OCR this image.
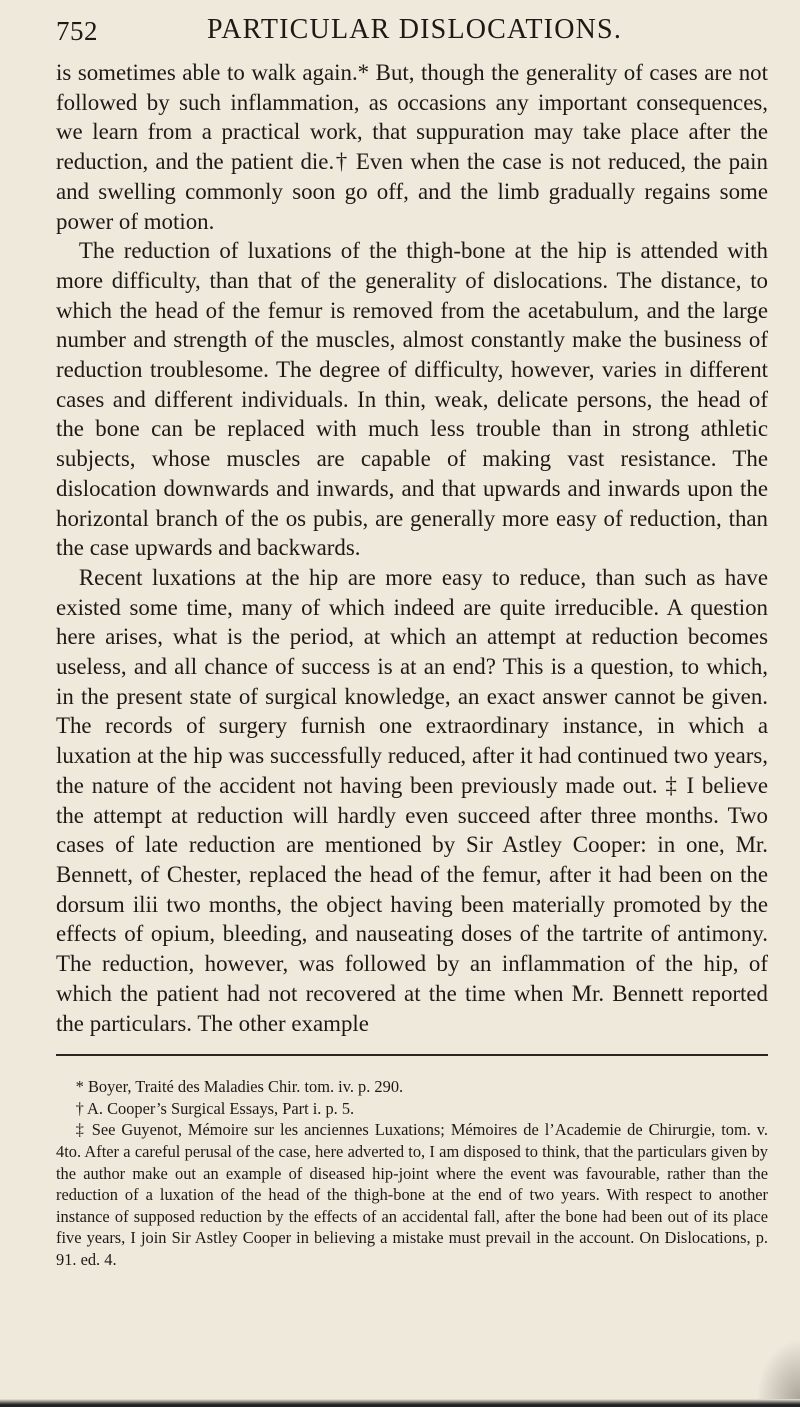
752	PARTICULAR DISLOCATIONS.

is sometimes able to walk again.* But, though the generality of cases are not followed by such inflammation, as occasions any important consequences, we learn from a practical work, that suppuration may take place after the reduction, and the patient die.† Even when the case is not reduced, the pain and swelling commonly soon go off, and the limb gradually regains some power of motion.

The reduction of luxations of the thigh-bone at the hip is attended with more difficulty, than that of the generality of dislocations. The distance, to which the head of the femur is removed from the acetabulum, and the large number and strength of the muscles, almost constantly make the business of reduction troublesome. The degree of difficulty, however, varies in different cases and different individuals. In thin, weak, delicate persons, the head of the bone can be replaced with much less trouble than in strong athletic subjects, whose muscles are capable of making vast resistance. The dislocation downwards and inwards, and that upwards and inwards upon the horizontal branch of the os pubis, are generally more easy of reduction, than the case upwards and backwards.

Recent luxations at the hip are more easy to reduce, than such as have existed some time, many of which indeed are quite irreducible. A question here arises, what is the period, at which an attempt at reduction becomes useless, and all chance of success is at an end? This is a question, to which, in the present state of surgical knowledge, an exact answer cannot be given. The records of surgery furnish one extraordinary instance, in which a luxation at the hip was successfully reduced, after it had continued two years, the nature of the accident not having been previously made out. ‡ I believe the attempt at reduction will hardly even succeed after three months. Two cases of late reduction are mentioned by Sir Astley Cooper: in one, Mr. Bennett, of Chester, replaced the head of the femur, after it had been on the dorsum ilii two months, the object having been materially promoted by the effects of opium, bleeding, and nauseating doses of the tartrite of antimony. The reduction, however, was followed by an inflammation of the hip, of which the patient had not recovered at the time when Mr. Bennett reported the particulars. The other example

* Boyer, Traité des Maladies Chir. tom. iv. p. 290.

† A. Cooper’s Surgical Essays, Part i. p. 5.

‡ See Guyenot, Mémoire sur les anciennes Luxations; Mémoires de l’Academie de Chirurgie, tom. v. 4to. After a careful perusal of the case, here adverted to, I am disposed to think, that the particulars given by the author make out an example of diseased hip-joint where the event was favourable, rather than the reduction of a luxation of the head of the thigh-bone at the end of two years. With respect to another instance of supposed reduction by the effects of an accidental fall, after the bone had been out of its place five years, I join Sir Astley Cooper in believing a mistake must prevail in the account. On Dislocations, p. 91. ed. 4.
